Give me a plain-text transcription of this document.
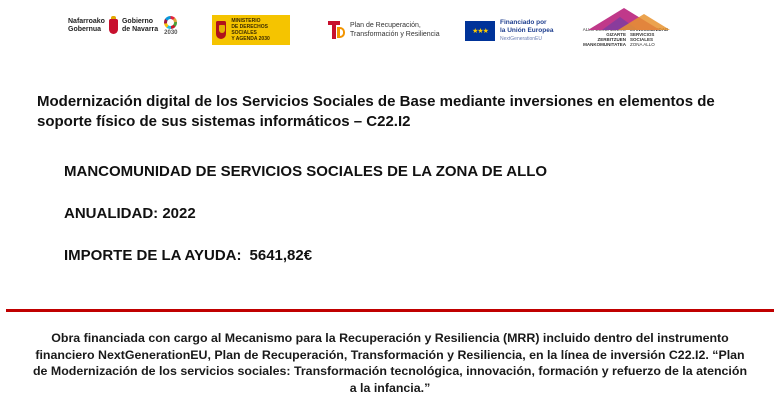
Nafarroako
Gobernua
Gobierno
de Navarra 2030
MINISTERIO
DE DERECHOS SOCIALES
Y AGENDA 2030
Plan de Recuperación,
Transformación y Resiliencia	★★★
Financiado por
la Unión Europea
NextGenerationEU
ALLO ESKUALDEKO
GIZARTE ZERBITZUEN
MANKOMUNITATEA
MANCOMUNIDAD
SERVICIOS SOCIALES
ZONA ALLO

Modernización digital de los Servicios Sociales de Base mediante inversiones en elementos de soporte físico de sus sistemas informáticos – C22.I2

MANCOMUNIDAD DE SERVICIOS SOCIALES DE LA ZONA DE ALLO

ANUALIDAD: 2022

IMPORTE DE LA AYUDA: 5641,82€

Obra financiada con cargo al Mecanismo para la Recuperación y Resiliencia (MRR) incluido dentro del instrumento financiero NextGenerationEU, Plan de Recuperación, Transformación y Resiliencia, en la línea de inversión C22.I2. “Plan de Modernización de los servicios sociales: Transformación tecnológica, innovación, formación y refuerzo de la atención a la infancia.”
